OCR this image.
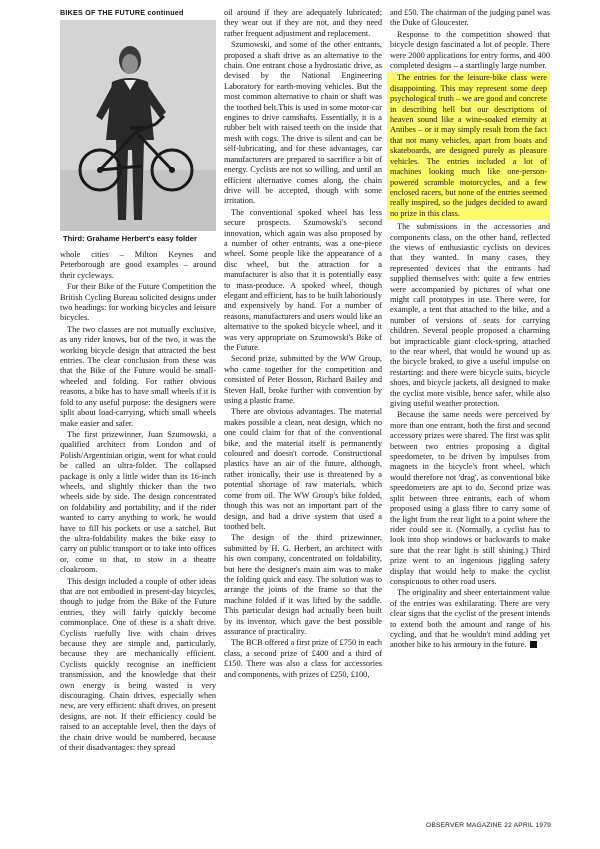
BIKES OF THE FUTURE continued
Third: Grahame Herbert's easy folder

whole cities – Milton Keynes and Peterborough are good examples – around their cycleways.

For their Bike of the Future Competition the British Cycling Bureau solicited designs under two headings: for working bicycles and leisure bicycles.

The two classes are not mutually exclusive, as any rider knows, but of the two, it was the working bicycle design that attracted the best entries. The clear conclusion from these was that the Bike of the Future would be small-wheeled and folding. For rather obvious reasons, a bike has to have small wheels if it is fold to any useful purpose: the designers were split about load-carrying, which small wheels make easier and safer.

The first prizewinner, Juan Szumowski, a qualified architect from London and of Polish/Argentinian origin, went for what could be called an ultra-folder. The collapsed package is only a little wider than its 16-inch wheels, and slightly thicker than the two wheels side by side. The design concentrated on foldability and portability, and if the rider wanted to carry anything to work, he would have to fill his pockets or use a satchel. But the ultra-foldability makes the bike easy to carry on public transport or to take into offices or, come to that, to stow in a theatre cloakroom.

This design included a couple of other ideas that are not embodied in present-day bicycles, though to judge from the Bike of the Future entries, they will fairly quickly become commonplace. One of these is a shaft drive. Cyclists ruefully live with chain drives because they are simple and, particularly, because they are mechanically efficient. Cyclists quickly recognise an inefficient transmission, and the knowledge that their own energy is being wasted is very discouraging. Chain drives, especially when new, are very efficient: shaft drives, on present designs, are not. If their efficiency could be raised to an acceptable level, then the days of the chain drive would be numbered, because of their disadvantages: they spread

oil around if they are adequately lubricated; they wear out if they are not, and they need rather frequent adjustment and replacement.

Szumowski, and some of the other entrants, proposed a shaft drive as an alternative to the chain. One entrant chose a hydrostatic drive, as devised by the National Engineering Laboratory for earth-moving vehicles. But the most common alternative to chain or shaft was the toothed belt.This is used in some motor-car engines to drive camshafts. Essentially, it is a rubber belt with raised teeth on the inside that mesh with cogs. The drive is silent and can be self-lubricating, and for these advantages, car manufacturers are prepared to sacrifice a bit of energy. Cyclists are not so willing, and until an efficient alternative comes along, the chain drive will be accepted, though with some irritation.

The conventional spoked wheel has less secure prospects. Szumowski's second innovation, which again was also proposed by a number of other entrants, was a one-piece wheel. Some people like the appearance of a disc wheel, but the attraction for a manufacturer is also that it is potentially easy to mass-produce. A spoked wheel, though elegant and efficient, has to be built laboriously and expensively by hand. For a number of reasons, manufacturers and users would like an alternative to the spoked bicycle wheel, and it was very appropriate on Szumowski's Bike of the Future.

Second prize, submitted by the WW Group, who came together for the competition and consisted of Peter Bosson, Richard Bailey and Steven Hall, broke further with convention by using a plastic frame.

There are obvious advantages. The material makes possible a clean, neat design, which no one could claim for that of the conventional bike, and the material itself is permanently coloured and doesn't corrode. Constructional plastics have an air of the future, although, rather ironically, their use is threatened by a potential shortage of raw materials, which come from oil. The WW Group's bike folded, though this was not an important part of the design, and had a drive system that used a toothed belt.

The design of the third prizewinner, submitted by H. G. Herbert, an architect with his own company, concentrated on foldability, but here the designer's main aim was to make the folding quick and easy. The solution was to arrange the joints of the frame so that the machine folded if it was lifted by the saddle. This particular design had actually been built by its inventor, which gave the best possible assurance of practicality.

The BCB offered a first prize of £750 in each class, a second prize of £400 and a third of £150. There was also a class for accessories and components, with prizes of £250, £100,

and £50. The chairman of the judging panel was the Duke of Gloucester.

Response to the competition showed that bicycle design fascinated a lot of people. There were 2000 applications for entry forms, and 400 completed designs – a startlingly large number.

The entries for the leisure-bike class were disappointing. This may represent some deep psychological truth – we are good and concrete in describing hell but our descriptions of heaven sound like a wine-soaked eternity at Antibes – or it may simply result from the fact that not many vehicles, apart from boats and skateboards, are designed purely as pleasure vehicles. The entries included a lot of machines looking much like one-person-powered scramble motorcycles, and a few enclosed racers, but none of the entries seemed really inspired, so the judges decided to award no prize in this class.

The submissions in the accessories and components class, on the other hand, reflected the views of enthusiastic cyclists on devices that they wanted. In many cases, they represented devices that the entrants had supplied themselves with: quite a few entries were accompanied by pictures of what one might call prototypes in use. There were, for example, a tent that attached to the bike, and a number of versions of seats for carrying children. Several people proposed a charming but impracticable giant clock-spring, attached to the rear wheel, that would be wound up as the bicycle braked, to give a useful impulse on restarting: and there were bicycle suits, bicycle shoes, and bicycle jackets, all designed to make the cyclist more visible, hence safer, while also giving useful weather protection.

Because the same needs were perceived by more than one entrant, both the first and second accessory prizes were shared. The first was split between two entries proposing a digital speedometer, to be driven by impulses from magnets in the bicycle's front wheel, which would therefore not 'drag', as conventional bike speedometers are apt to do. Second prize was split between three entrants, each of whom proposed using a glass fibre to carry some of the light from the rear light to a point where the rider could see it. (Normally, a cyclist has to look into shop windows or backwards to make sure that the rear light is still shining.) Third prize went to an ingenious jiggling safety display that would help to make the cyclist conspicuous to other road users.

The originality and sheer entertainment value of the entries was exhilarating. There are very clear signs that the cyclist of the present intends to extend both the amount and range of his cycling, and that he wouldn't mind adding yet another bike to his armoury in the future.

OBSERVER MAGAZINE 22 APRIL 1979
